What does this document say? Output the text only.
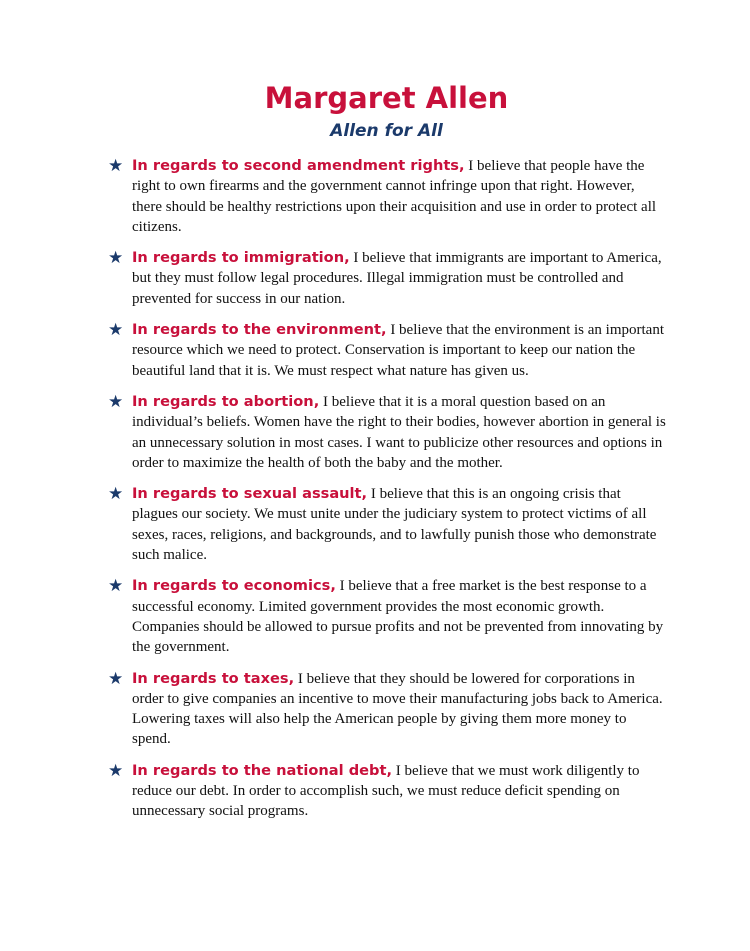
Margaret Allen
Allen for All
★ In regards to second amendment rights, I believe that people have the right to own firearms and the government cannot infringe upon that right. However, there should be healthy restrictions upon their acquisition and use in order to protect all citizens.
★ In regards to immigration, I believe that immigrants are important to America, but they must follow legal procedures. Illegal immigration must be controlled and prevented for success in our nation.
★ In regards to the environment, I believe that the environment is an important resource which we need to protect. Conservation is important to keep our nation the beautiful land that it is. We must respect what nature has given us.
★ In regards to abortion, I believe that it is a moral question based on an individual’s beliefs. Women have the right to their bodies, however abortion in general is an unnecessary solution in most cases. I want to publicize other resources and options in order to maximize the health of both the baby and the mother.
★ In regards to sexual assault, I believe that this is an ongoing crisis that plagues our society. We must unite under the judiciary system to protect victims of all sexes, races, religions, and backgrounds, and to lawfully punish those who demonstrate such malice.
★ In regards to economics, I believe that a free market is the best response to a successful economy. Limited government provides the most economic growth. Companies should be allowed to pursue profits and not be prevented from innovating by the government.
★ In regards to taxes, I believe that they should be lowered for corporations in order to give companies an incentive to move their manufacturing jobs back to America. Lowering taxes will also help the American people by giving them more money to spend.
★ In regards to the national debt, I believe that we must work diligently to reduce our debt. In order to accomplish such, we must reduce deficit spending on unnecessary social programs.
